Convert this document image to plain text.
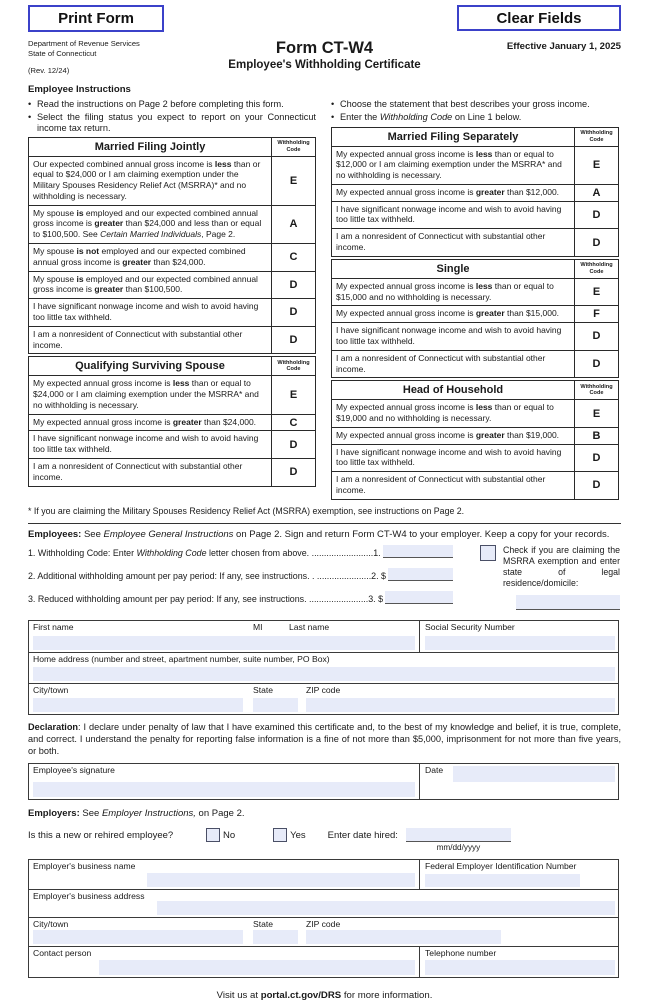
Print Form	Clear Fields
Department of Revenue Services
State of Connecticut
(Rev. 12/24)
Form CT-W4
Employee's Withholding Certificate
Effective January 1, 2025
Employee Instructions
• Read the instructions on Page 2 before completing this form.
• Select the filing status you expect to report on your Connecticut income tax return.
Married Filing Jointly	Withholding Code
Our expected combined annual gross income is less than or equal to $24,000 or I am claiming exemption under the Military Spouses Residency Relief Act (MSRRA)* and no withholding is necessary.	E
My spouse is employed and our expected combined annual gross income is greater than $24,000 and less than or equal to $100,500. See Certain Married Individuals, Page 2.	A
My spouse is not employed and our expected combined annual gross income is greater than $24,000.	C
My spouse is employed and our expected combined annual gross income is greater than $100,500.	D
I have significant nonwage income and wish to avoid having too little tax withheld.	D
I am a nonresident of Connecticut with substantial other income.	D
Qualifying Surviving Spouse	Withholding Code
My expected annual gross income is less than or equal to $24,000 or I am claiming exemption under the MSRRA* and no withholding is necessary.	E
My expected annual gross income is greater than $24,000.	C
I have significant nonwage income and wish to avoid having too little tax withheld.	D
I am a nonresident of Connecticut with substantial other income.	D
• Choose the statement that best describes your gross income.
• Enter the Withholding Code on Line 1 below.
Married Filing Separately	Withholding Code
My expected annual gross income is less than or equal to $12,000 or I am claiming exemption under the MSRRA* and no withholding is necessary.	E
My expected annual gross income is greater than $12,000.	A
I have significant nonwage income and wish to avoid having too little tax withheld.	D
I am a nonresident of Connecticut with substantial other income.	D
Single	Withholding Code
My expected annual gross income is less than or equal to $15,000 and no withholding is necessary.	E
My expected annual gross income is greater than $15,000.	F
I have significant nonwage income and wish to avoid having too little tax withheld.	D
I am a nonresident of Connecticut with substantial other income.	D
Head of Household	Withholding Code
My expected annual gross income is less than or equal to $19,000 and no withholding is necessary.	E
My expected annual gross income is greater than $19,000.	B
I have significant nonwage income and wish to avoid having too little tax withheld.	D
I am a nonresident of Connecticut with substantial other income.	D
* If you are claiming the Military Spouses Residency Relief Act (MSRRA) exemption, see instructions on Page 2.
Employees: See Employee General Instructions on Page 2. Sign and return Form CT-W4 to your employer. Keep a copy for your records.
1. Withholding Code: Enter Withholding Code letter chosen from above. .........................1.
2. Additional withholding amount per pay period: If any, see instructions. . ......................2. $
3. Reduced withholding amount per pay period: If any, see instructions. ........................3. $
Check if you are claiming the MSRRA exemption and enter state of legal residence/domicile:
First name	MI	Last name	Social Security Number
Home address (number and street, apartment number, suite number, PO Box)
City/town	State	ZIP code
Declaration: I declare under penalty of law that I have examined this certificate and, to the best of my knowledge and belief, it is true, complete, and correct. I understand the penalty for reporting false information is a fine of not more than $5,000, imprisonment for not more than five years, or both.
Employee's signature	Date
Employers: See Employer Instructions, on Page 2.
Is this a new or rehired employee?	No	Yes Enter date hired:
mm/dd/yyyy
Employer's business name	Federal Employer Identification Number
Employer's business address
City/town	State	ZIP code
Contact person	Telephone number
Visit us at portal.ct.gov/DRS for more information.
